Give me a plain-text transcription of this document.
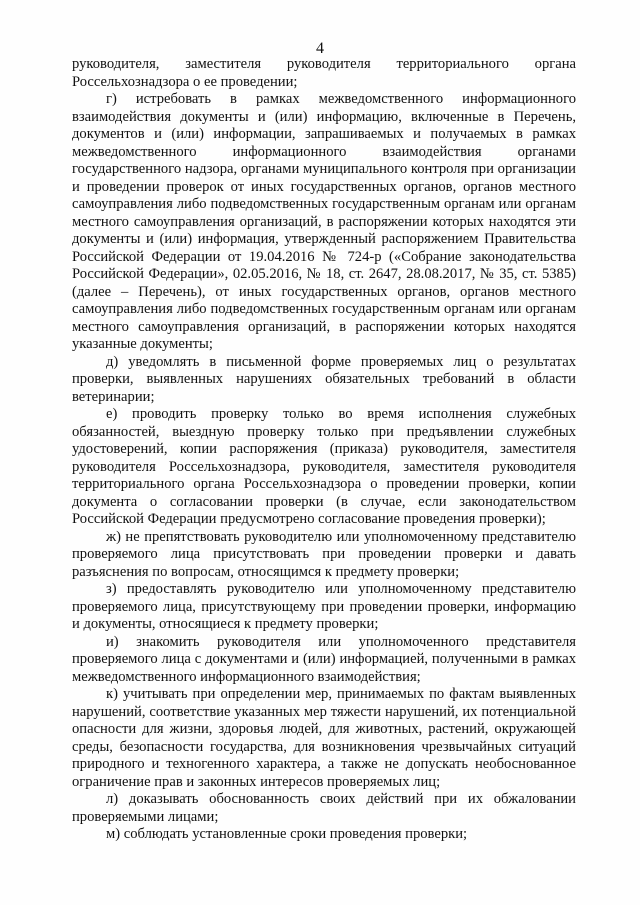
4

руководителя, заместителя руководителя территориального органа Россельхознадзора о ее проведении;

г) истребовать в рамках межведомственного информационного взаимодействия документы и (или) информацию, включенные в Перечень, документов и (или) информации, запрашиваемых и получаемых в рамках межведомственного информационного взаимодействия органами государственного надзора, органами муниципального контроля при организации и проведении проверок от иных государственных органов, органов местного самоуправления либо подведомственных государственным органам или органам местного самоуправления организаций, в распоряжении которых находятся эти документы и (или) информация, утвержденный распоряжением Правительства Российской Федерации от 19.04.2016 № 724-р («Собрание законодательства Российской Федерации», 02.05.2016, № 18, ст. 2647, 28.08.2017, № 35, ст. 5385) (далее – Перечень), от иных государственных органов, органов местного самоуправления либо подведомственных государственным органам или органам местного самоуправления организаций, в распоряжении которых находятся указанные документы;

д) уведомлять в письменной форме проверяемых лиц о результатах проверки, выявленных нарушениях обязательных требований в области ветеринарии;

е) проводить проверку только во время исполнения служебных обязанностей, выездную проверку только при предъявлении служебных удостоверений, копии распоряжения (приказа) руководителя, заместителя руководителя Россельхознадзора, руководителя, заместителя руководителя территориального органа Россельхознадзора о проведении проверки, копии документа о согласовании проверки (в случае, если законодательством Российской Федерации предусмотрено согласование проведения проверки);

ж) не препятствовать руководителю или уполномоченному представителю проверяемого лица присутствовать при проведении проверки и давать разъяснения по вопросам, относящимся к предмету проверки;

з) предоставлять руководителю или уполномоченному представителю проверяемого лица, присутствующему при проведении проверки, информацию и документы, относящиеся к предмету проверки;

и) знакомить руководителя или уполномоченного представителя проверяемого лица с документами и (или) информацией, полученными в рамках межведомственного информационного взаимодействия;

к) учитывать при определении мер, принимаемых по фактам выявленных нарушений, соответствие указанных мер тяжести нарушений, их потенциальной опасности для жизни, здоровья людей, для животных, растений, окружающей среды, безопасности государства, для возникновения чрезвычайных ситуаций природного и техногенного характера, а также не допускать необоснованное ограничение прав и законных интересов проверяемых лиц;

л) доказывать обоснованность своих действий при их обжаловании проверяемыми лицами;

м) соблюдать установленные сроки проведения проверки;
